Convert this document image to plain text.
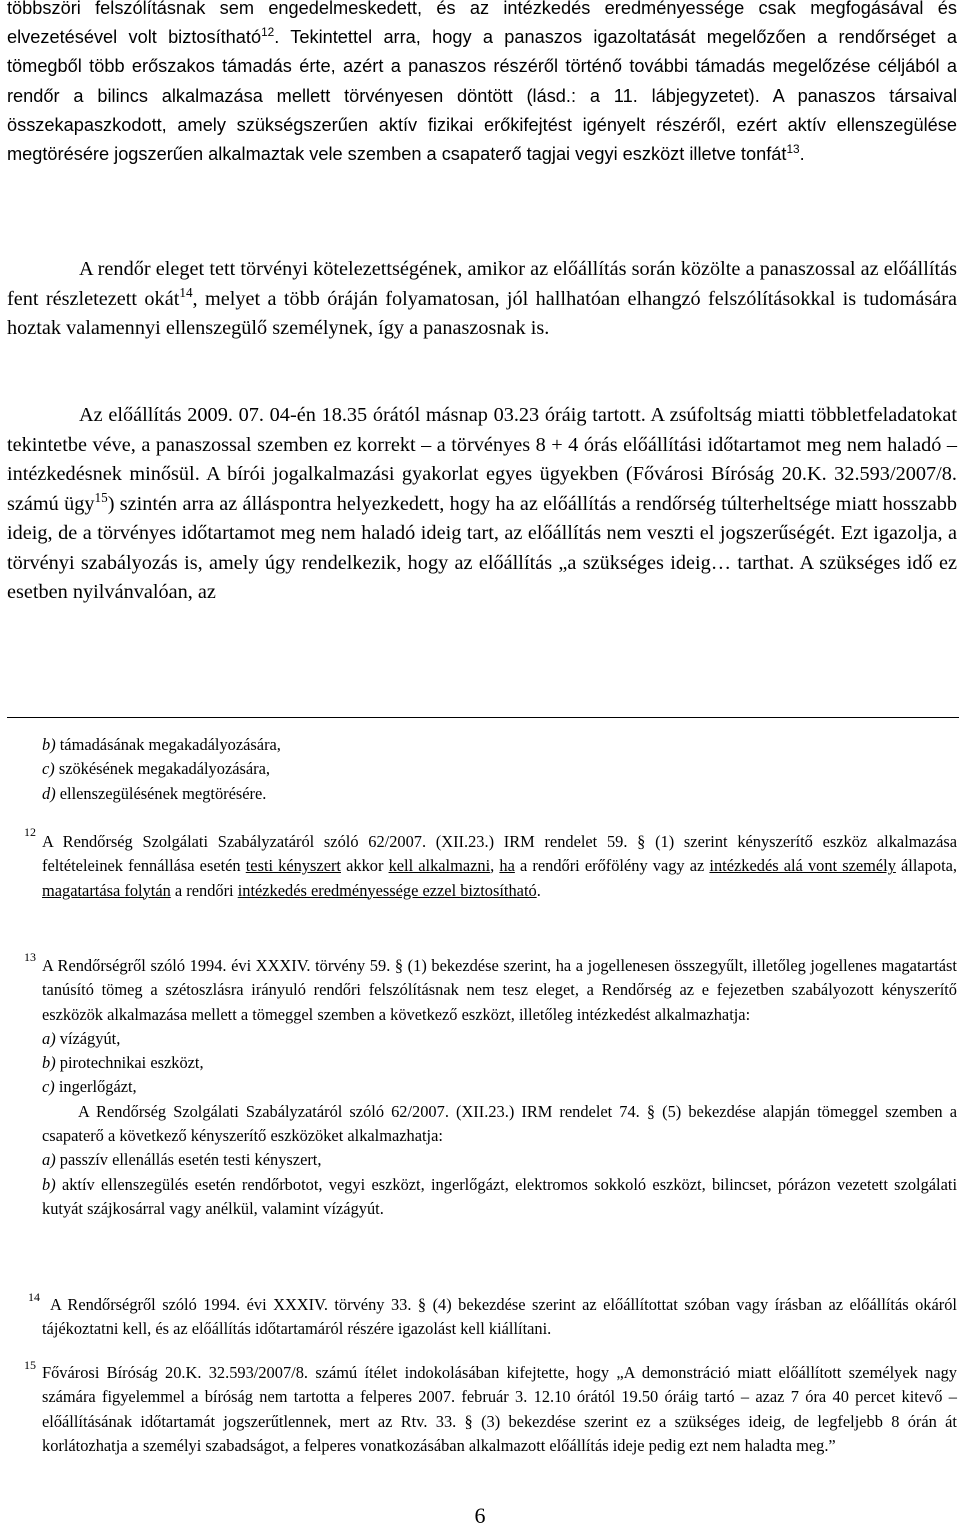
többszöri felszólításnak sem engedelmeskedett, és az intézkedés eredményessége csak megfogásával és elvezetésével volt biztosítható$^{12}$. Tekintettel arra, hogy a panaszos igazoltatását megelőzően a rendőrséget a tömegből több erőszakos támadás érte, azért a panaszos részéről történő további támadás megelőzése céljából a rendőr a bilincs alkalmazása mellett törvényesen döntött (lásd.: a 11. lábjegyzetet). A panaszos társaival összekapaszkodott, amely szükségszerűen aktív fizikai erőkifejtést igényelt részéről, ezért aktív ellenszegülése megtörésére jogszerűen alkalmaztak vele szemben a csapaterő tagjai vegyi eszközt illetve tonfát$^{13}$.

A rendőr eleget tett törvényi kötelezettségének, amikor az előállítás során közölte a panaszossal az előállítás fent részletezett okát$^{14}$, melyet a több óráján folyamatosan, jól hallhatóan elhangzó felszólításokkal is tudomására hoztak valamennyi ellenszegülő személynek, így a panaszosnak is.

Az előállítás 2009. 07. 04-én 18.35 órától másnap 03.23 óráig tartott. A zsúfoltság miatti többletfeladatokat tekintetbe véve, a panaszossal szemben ez korrekt – a törvényes 8 + 4 órás előállítási időtartamot meg nem haladó – intézkedésnek minősül. A bírói jogalkalmazási gyakorlat egyes ügyekben (Fővárosi Bíróság 20.K. 32.593/2007/8. számú ügy$^{15}$) szintén arra az álláspontra helyezkedett, hogy ha az előállítás a rendőrség túlterheltsége miatt hosszabb ideig, de a törvényes időtartamot meg nem haladó ideig tart, az előállítás nem veszti el jogszerűségét. Ezt igazolja, a törvényi szabályozás is, amely úgy rendelkezik, hogy az előállítás „a szükséges ideig… tarthat. A szükséges idő ez esetben nyilvánvalóan, az

b) támadásának megakadályozására,
c) szökésének megakadályozására,
d) ellenszegülésének megtörésére.
12 A Rendőrség Szolgálati Szabályzatáról szóló 62/2007. (XII.23.) IRM rendelet 59. § (1) szerint kényszerítő eszköz alkalmazása feltételeinek fennállása esetén testi kényszert akkor kell alkalmazni, ha a rendőri erőfölény vagy az intézkedés alá vont személy állapota, magatartása folytán a rendőri intézkedés eredményessége ezzel biztosítható.

13 A Rendőrségről szóló 1994. évi XXXIV. törvény 59. § (1) bekezdése szerint, ha a jogellenesen összegyűlt, illetőleg jogellenes magatartást tanúsító tömeg a szétoszlásra irányuló rendőri felszólításnak nem tesz eleget, a Rendőrség az e fejezetben szabályozott kényszerítő eszközök alkalmazása mellett a tömeggel szemben a következő eszközt, illetőleg intézkedést alkalmazhatja:
a) vízágyút,
b) pirotechnikai eszközt,
c) ingerlőgázt,
A Rendőrség Szolgálati Szabályzatáról szóló 62/2007. (XII.23.) IRM rendelet 74. § (5) bekezdése alapján tömeggel szemben a csapaterő a következő kényszerítő eszközöket alkalmazhatja:
a) passzív ellenállás esetén testi kényszert,
b) aktív ellenszegülés esetén rendőrbotot, vegyi eszközt, ingerlőgázt, elektromos sokkoló eszközt, bilincset, pórázon vezetett szolgálati kutyát szájkosárral vagy anélkül, valamint vízágyút.
14 A Rendőrségről szóló 1994. évi XXXIV. törvény 33. § (4) bekezdése szerint az előállítottat szóban vagy írásban az előállítás okáról tájékoztatni kell, és az előállítás időtartamáról részére igazolást kell kiállítani.

15 Fővárosi Bíróság 20.K. 32.593/2007/8. számú ítélet indokolásában kifejtette, hogy „A demonstráció miatt előállított személyek nagy számára figyelemmel a bíróság nem tartotta a felperes 2007. február 3. 12.10 órától 19.50 óráig tartó – azaz 7 óra 40 percet kitevő – előállításának időtartamát jogszerűtlennek, mert az Rtv. 33. § (3) bekezdése szerint ez a szükséges ideig, de legfeljebb 8 órán át korlátozhatja a személyi szabadságot, a felperes vonatkozásában alkalmazott előállítás ideje pedig ezt nem haladta meg.”

6
